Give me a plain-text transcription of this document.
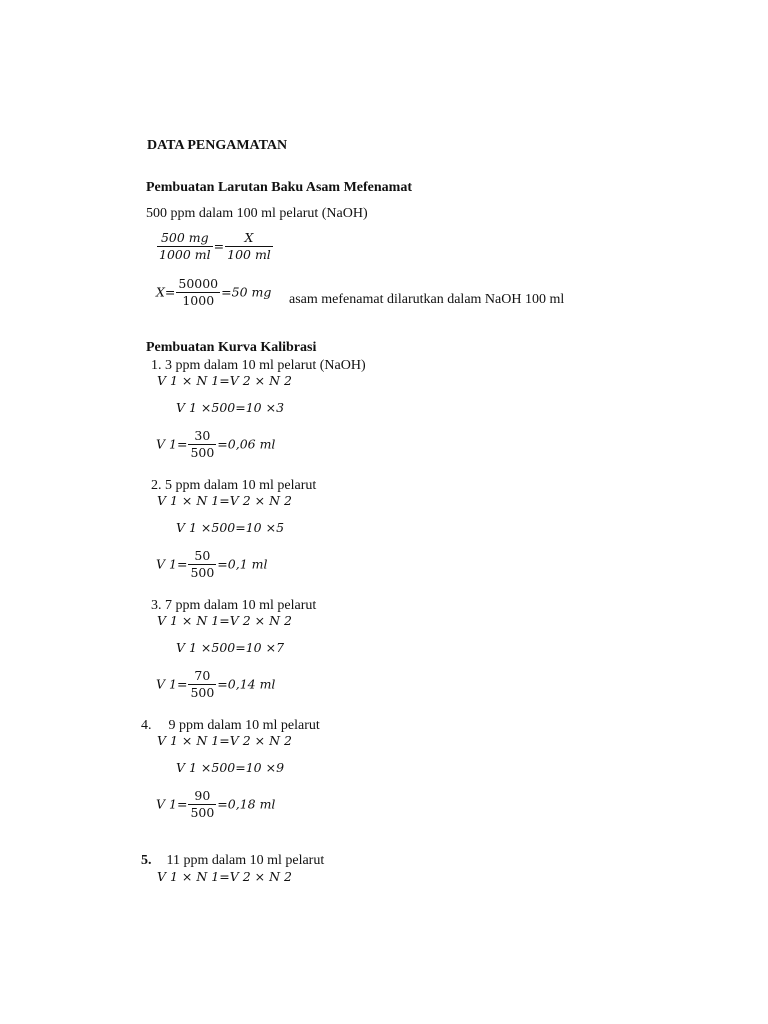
DATA PENGAMATAN
Pembuatan Larutan Baku Asam Mefenamat
500 ppm dalam 100 ml pelarut (NaOH)
$\frac{500 mg}{1000 ml} = \frac{X}{100 ml}$
$X= \frac{50000}{1000} =50$ mg
asam mefenamat dilarutkan dalam NaOH 100 ml
Pembuatan Kurva Kalibrasi
1. 3 ppm dalam 10 ml pelarut (NaOH)
V 1 × N 1=V 2 × N 2
V 1 ×500=10 ×3
V $1= \frac{30}{500} =0,06$ ml
2. 5 ppm dalam 10 ml pelarut
V 1 × N 1=V 2 × N 2
V 1 ×500=10 ×5
V $1= \frac{50}{500} =0,1$ ml
3. 7 ppm dalam 10 ml pelarut
V 1 × N 1=V 2 × N 2
V 1 ×500=10 ×7
V $1= \frac{70}{500} =0,14$ ml
4. 9 ppm dalam 10 ml pelarut
V 1 × N 1=V 2 × N 2
V 1 ×500=10 ×9
V $1= \frac{90}{500} =0,18$ ml
5. 11 ppm dalam 10 ml pelarut
V 1 × N 1=V 2 × N 2
